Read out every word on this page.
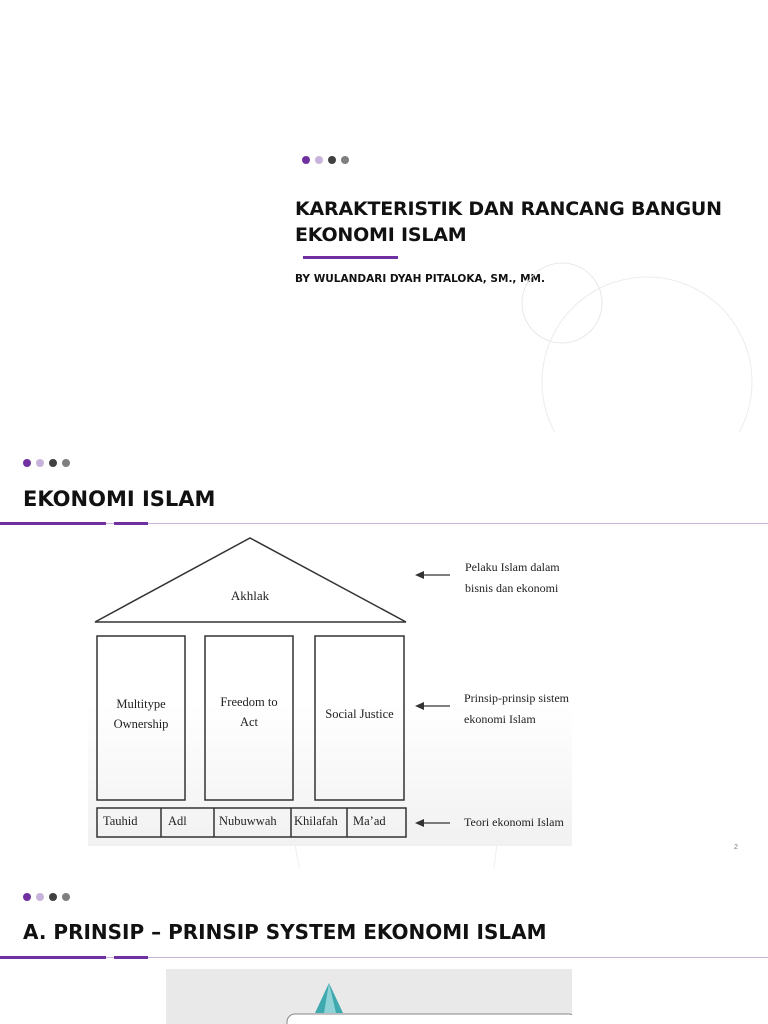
KARAKTERISTIK DAN RANCANG BANGUN
EKONOMI ISLAM
BY WULANDARI DYAH PITALOKA, SM., MM.
EKONOMI ISLAM
Akhlak
Multitype
Ownership
Freedom to
Act
Social Justice
Tauhid Adl	Nubuwwah Khilafah Ma’ad
Pelaku Islam dalam
bisnis dan ekonomi
Prinsip-prinsip sistem
ekonomi Islam
Teori ekonomi Islam
2
A. PRINSIP – PRINSIP SYSTEM EKONOMI ISLAM
